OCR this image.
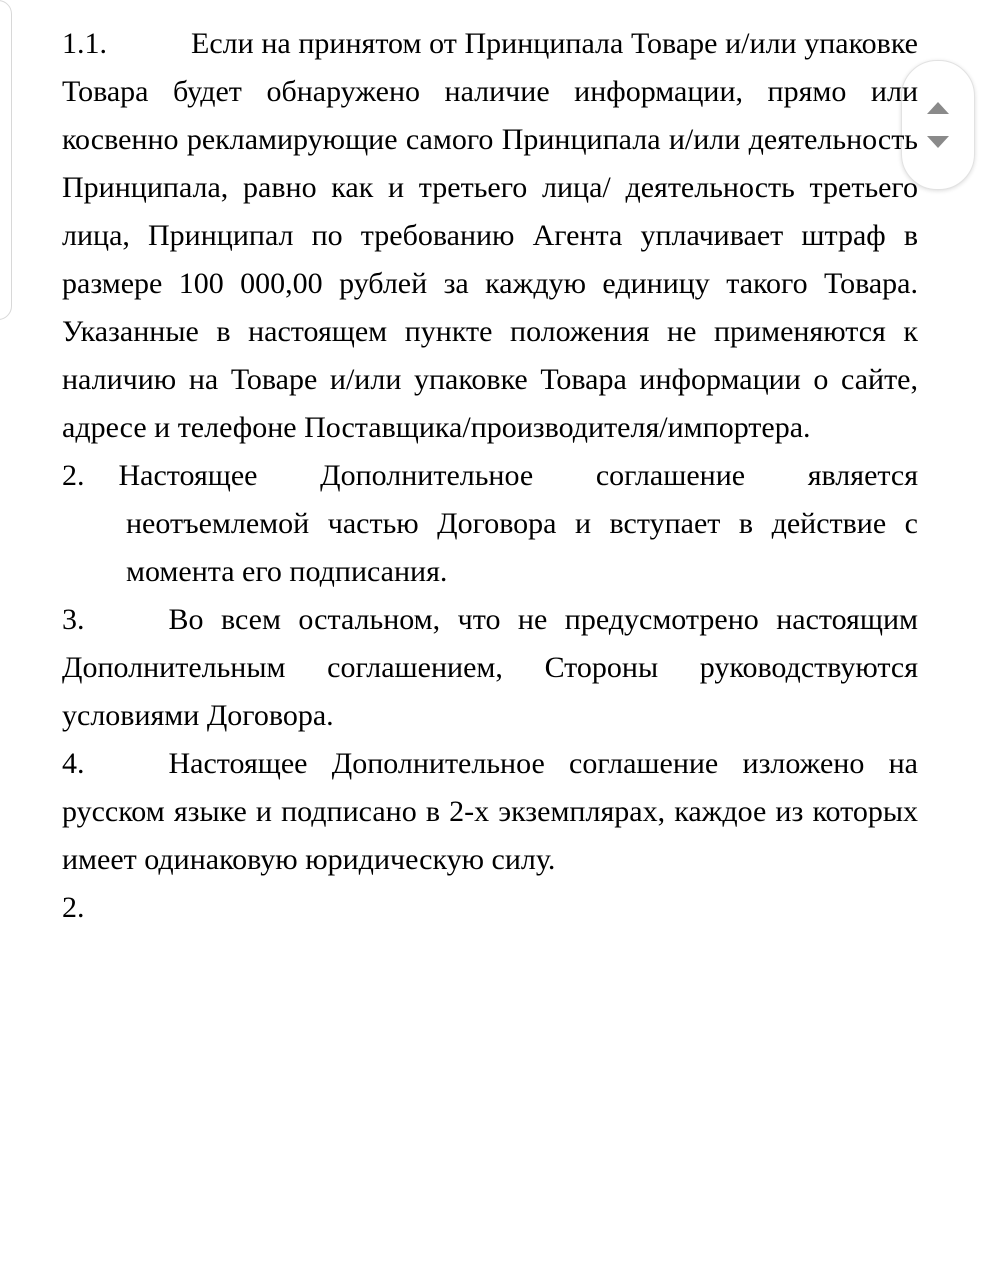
1.1.	Если на принятом от Принципала Товаре и/или упаковке Товара будет обнаружено наличие информации, прямо или косвенно рекламирующие самого Принципала и/или деятельность Принципала, равно как и третьего лица/ деятельность третьего лица, Принципал по требованию Агента уплачивает штраф в размере 100 000,00 рублей за каждую единицу такого Товара. Указанные в настоящем пункте положения не применяются к наличию на Товаре и/или упаковке Товара информации о сайте, адресе и телефоне Поставщика/производителя/импортера.

2. Настоящее Дополнительное соглашение является неотъемлемой частью Договора и вступает в действие с момента его подписания.

3.	Во всем остальном, что не предусмотрено настоящим Дополнительным соглашением, Стороны руководствуются условиями Договора.

4.	Настоящее Дополнительное соглашение изложено на русском языке и подписано в 2-х экземплярах, каждое из которых имеет одинаковую юридическую силу.

2.
